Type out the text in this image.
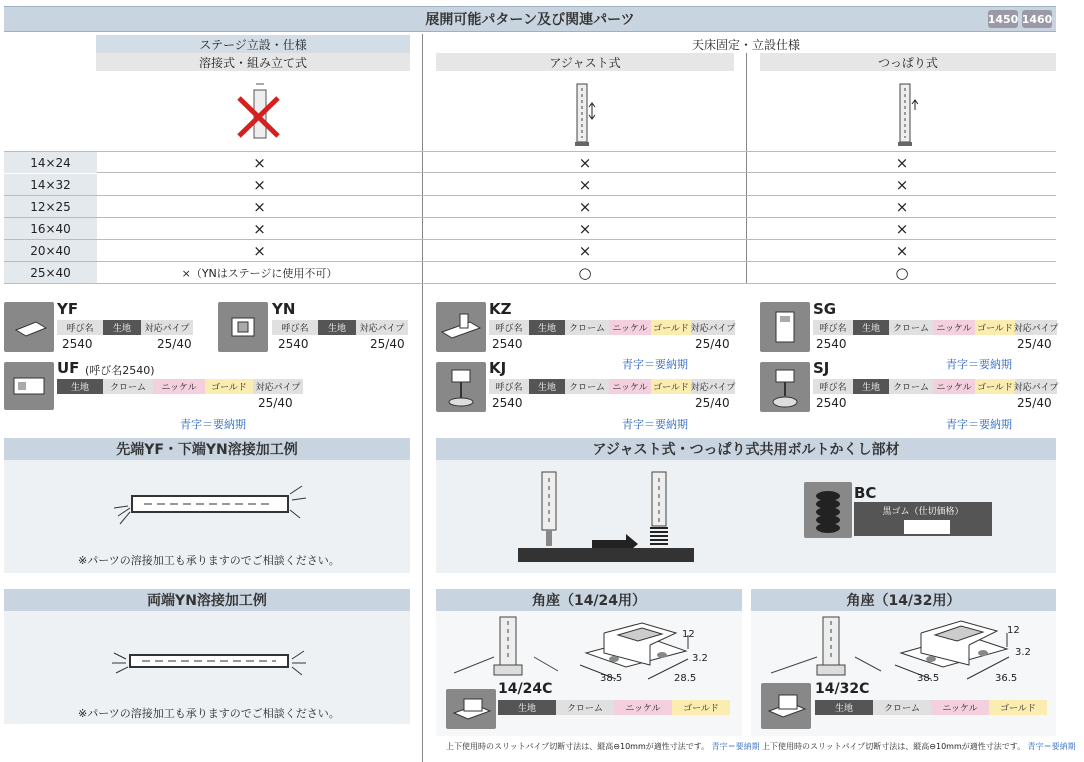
展開可能パターン及び関連パーツ	1450 1460
ステージ立設・仕様
溶接式・組み立て式
天床固定・立設仕様
アジャスト式	つっぱり式
14×24	×	×	×
14×32	×	×	×
12×25	×	×	×
16×40	×	×	×
20×40	×	×	×
25×40	×（YNはステージに使用不可）	○	○
YF
呼び名	生地	対応パイプ
2540	25/40
YN
呼び名	生地	対応パイプ
2540	25/40
UF (呼び名2540)
生地	クローム	ニッケル	ゴールド 対応パイプ
25/40
青字＝要納期
KZ
呼び名	生地	クローム ニッケル ゴールド 対応パイプ
2540	25/40
青字＝要納期
KJ
呼び名	生地	クローム ニッケル ゴールド 対応パイプ
2540	25/40
青字＝要納期
SG
呼び名	生地	クローム ニッケル ゴールド 対応パイプ
2540	25/40
青字＝要納期
SJ
呼び名	生地	クローム ニッケル ゴールド 対応パイプ
2540	25/40
青字＝要納期
先端YF・下端YN溶接加工例
※パーツの溶接加工も承りますのでご相談ください。
両端YN溶接加工例
※パーツの溶接加工も承りますのでご相談ください。
アジャスト式・つっぱり式共用ボルトかくし部材
BC
黒ゴム（仕切価格）
角座（14/24用）
12
3.2
38.5	28.5
14/24C
生地	クローム	ニッケル	ゴールド
上下使用時のスリットパイプ切断寸法は、縦高⊖10mmが適性寸法です。 青字＝要納期
角座（14/32用）
12
3.2
38.5	36.5
14/32C
生地	クローム	ニッケル	ゴールド
上下使用時のスリットパイプ切断寸法は、縦高⊖10mmが適性寸法です。 青字＝要納期
